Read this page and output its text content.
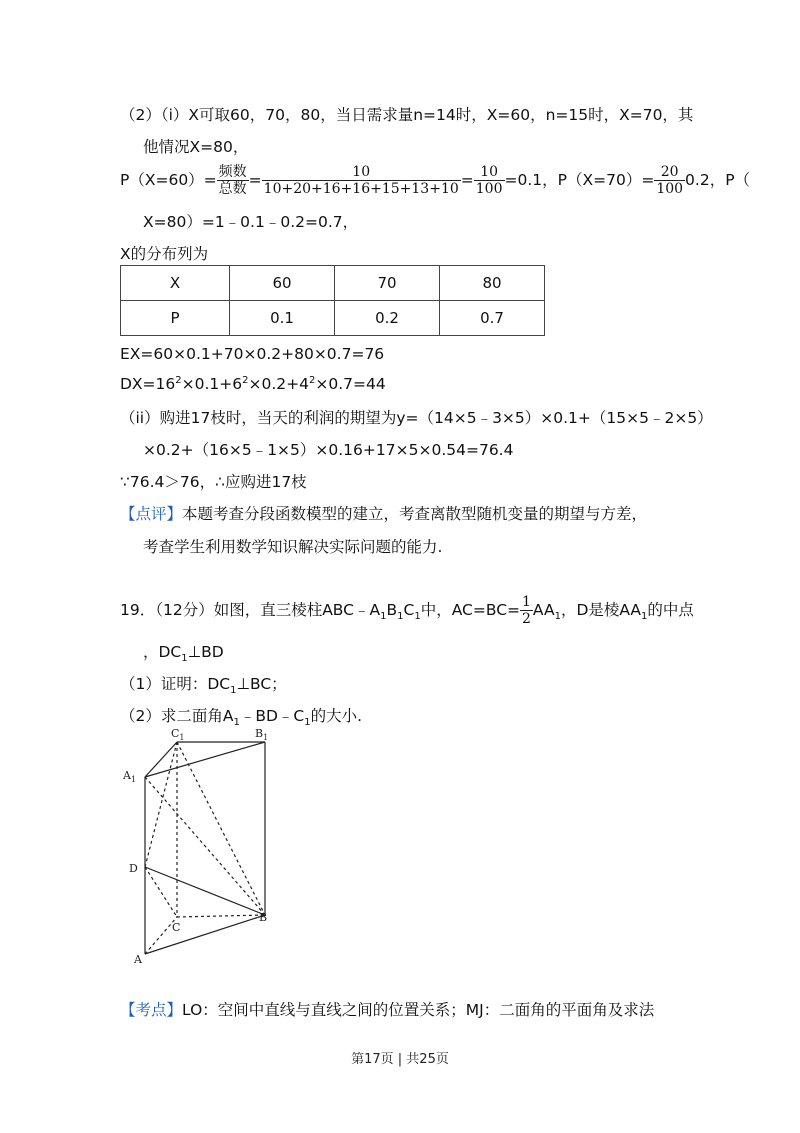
（2）（i）X可取60，70，80，当日需求量n=14时，X=60，n=15时，X=70，其
他情况X=80，
$P(X=60)= \frac{\text{频数}}{\text{总数}} = \frac{10}{10+20+16+16+15+13+10} = \frac{10}{100} =0.1$，$P(X=70)= \frac{20}{100} 0.2$，P（
X=80）=1﹣0.1﹣0.2=0.7，
X的分布列为
X	60	70	80
P	0.1	0.2	0.7
EX=60×0.1+70×0.2+80×0.7=76
$DX=16^2\times 0.1+6^2\times 0.2+4^2\times 0.7=44$
（ii）购进17枝时，当天的利润的期望为y=（14×5﹣3×5）×0.1+（15×5﹣2×5）
×0.2+（16×5﹣1×5）×0.16+17×5×0.54=76.4
∵76.4＞76，∴应购进17枝
【点评】本题考查分段函数模型的建立，考查离散型随机变量的期望与方差，
考查学生利用数学知识解决实际问题的能力.
19．（12分）如图，直三棱柱$ABC﹣A_1B_1C_1$中，$AC=BC= \frac{1}{2} AA_1$，D是棱$AA_1$的中点
，$DC_1\perp BD$
（1）证明：$DC_1\perp BC$；
（2）求二面角$A_1﹣BD﹣C_1$的大小.
$C_1$	$B_1$
$A_1$
D
C
B
A
【考点】LO：空间中直线与直线之间的位置关系；MJ：二面角的平面角及求法
第17页 | 共25页
